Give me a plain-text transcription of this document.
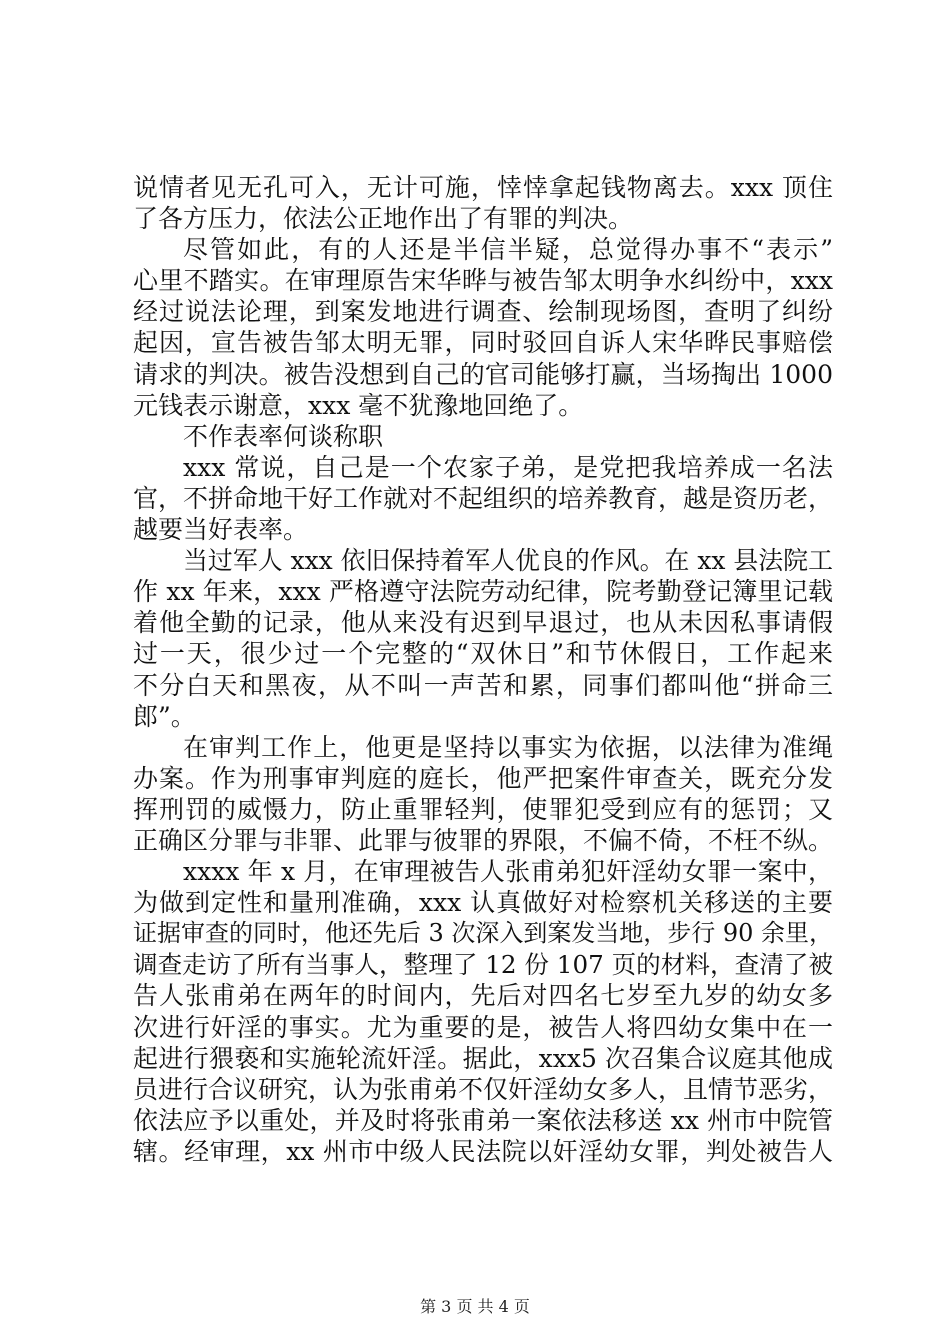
说情者见无孔可入，无计可施，悻悻拿起钱物离去。xxx 顶住
了各方压力，依法公正地作出了有罪的判决。
尽管如此，有的人还是半信半疑，总觉得办事不“表示”
心里不踏实。在审理原告宋华晔与被告邹太明争水纠纷中，xxx
经过说法论理，到案发地进行调查、绘制现场图，查明了纠纷
起因，宣告被告邹太明无罪，同时驳回自诉人宋华晔民事赔偿
请求的判决。被告没想到自己的官司能够打赢，当场掏出 1000
元钱表示谢意，xxx 毫不犹豫地回绝了。
不作表率何谈称职
xxx 常说，自己是一个农家子弟，是党把我培养成一名法
官，不拼命地干好工作就对不起组织的培养教育，越是资历老，
越要当好表率。
当过军人 xxx 依旧保持着军人优良的作风。在 xx 县法院工
作 xx 年来，xxx 严格遵守法院劳动纪律，院考勤登记簿里记载
着他全勤的记录，他从来没有迟到早退过，也从未因私事请假
过一天，很少过一个完整的“双休日”和节休假日，工作起来
不分白天和黑夜，从不叫一声苦和累，同事们都叫他“拼命三
郎”。
在审判工作上，他更是坚持以事实为依据，以法律为准绳
办案。作为刑事审判庭的庭长，他严把案件审查关，既充分发
挥刑罚的威慑力，防止重罪轻判，使罪犯受到应有的惩罚；又
正确区分罪与非罪、此罪与彼罪的界限，不偏不倚，不枉不纵。
xxxx 年 x 月，在审理被告人张甫弟犯奸淫幼女罪一案中，
为做到定性和量刑准确，xxx 认真做好对检察机关移送的主要
证据审查的同时，他还先后 3 次深入到案发当地，步行 90 余里，
调查走访了所有当事人，整理了 12 份 107 页的材料，查清了被
告人张甫弟在两年的时间内，先后对四名七岁至九岁的幼女多
次进行奸淫的事实。尤为重要的是，被告人将四幼女集中在一
起进行猥亵和实施轮流奸淫。据此，xxx5 次召集合议庭其他成
员进行合议研究，认为张甫弟不仅奸淫幼女多人，且情节恶劣，
依法应予以重处，并及时将张甫弟一案依法移送 xx 州市中院管
辖。经审理，xx 州市中级人民法院以奸淫幼女罪，判处被告人
第 3 页 共 4 页
